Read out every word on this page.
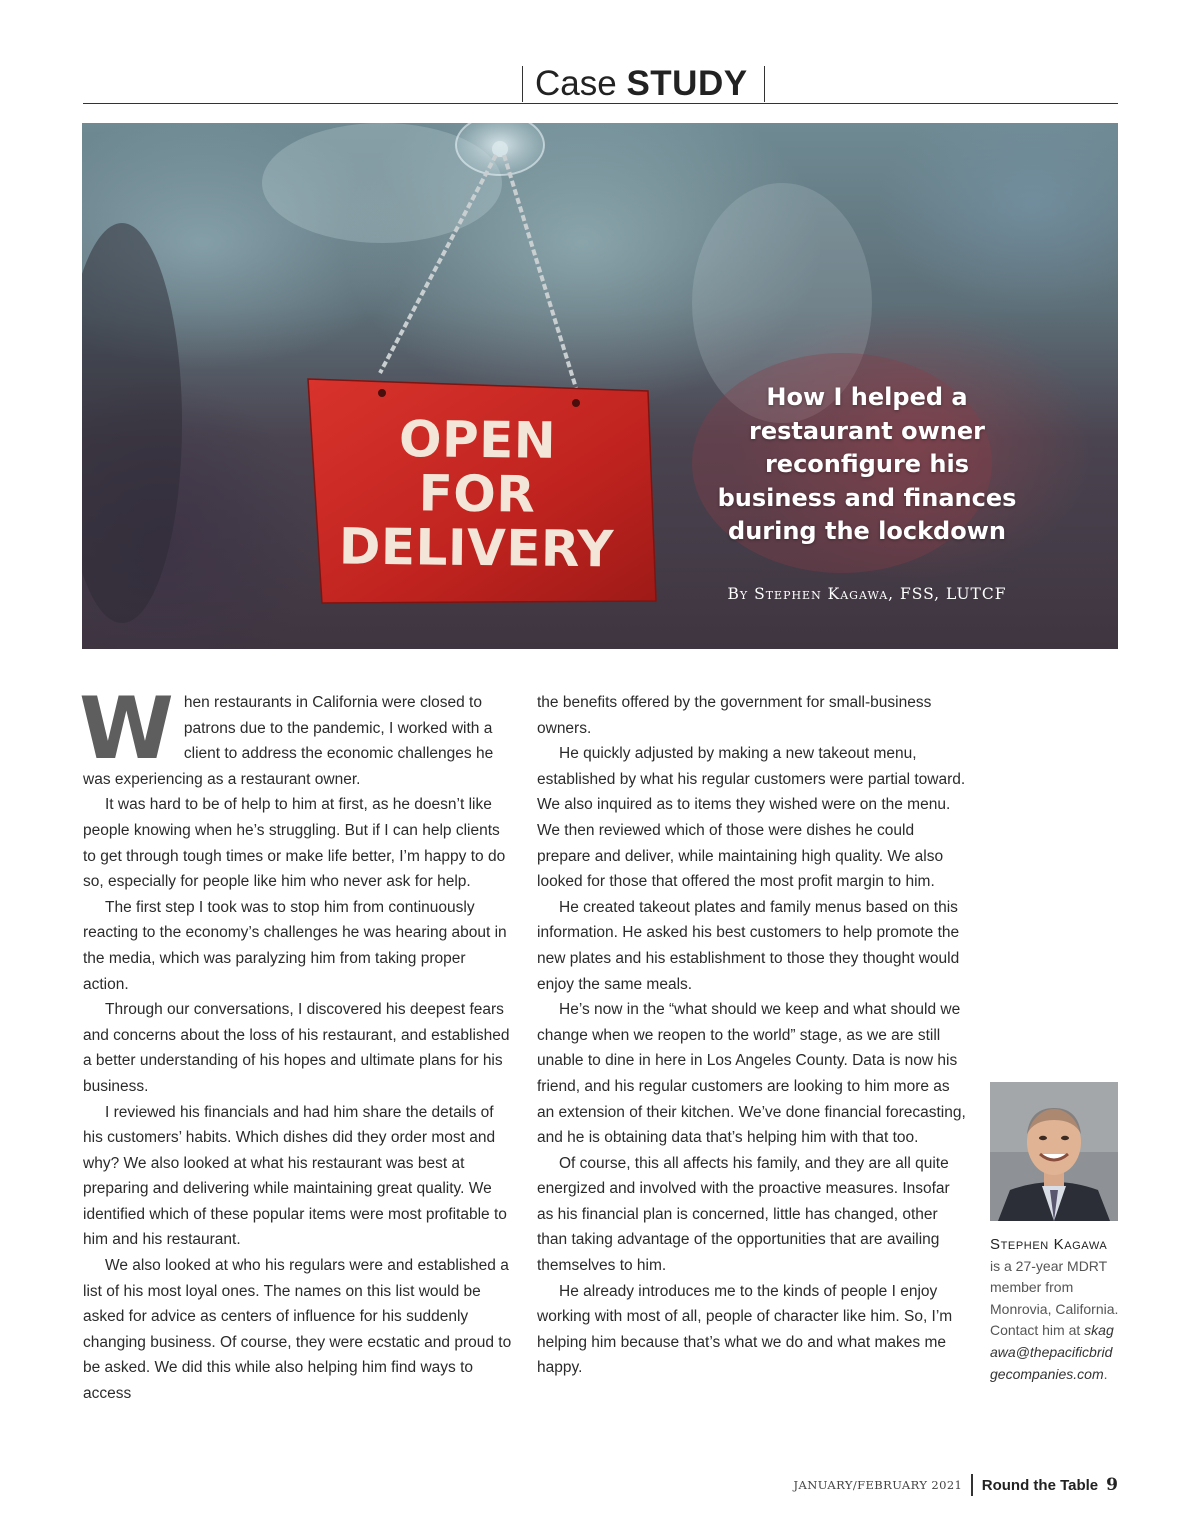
Case STUDY
OPEN
FOR
DELIVERY
How I helped a
restaurant owner
reconfigure his
business and finances
during the lockdown
By Stephen Kagawa, FSS, LUTCF

When restaurants in California were closed to patrons due to the pandemic, I worked with a client to address the economic challenges he was experiencing as a restaurant owner.

It was hard to be of help to him at first, as he doesn’t like people knowing when he’s struggling. But if I can help clients to get through tough times or make life better, I’m happy to do so, especially for people like him who never ask for help.

The first step I took was to stop him from continuously reacting to the economy’s challenges he was hearing about in the media, which was paralyzing him from taking proper action.

Through our conversations, I discovered his deepest fears and concerns about the loss of his restaurant, and established a better understanding of his hopes and ultimate plans for his business.

I reviewed his financials and had him share the details of his customers’ habits. Which dishes did they order most and why? We also looked at what his restaurant was best at preparing and delivering while maintaining great quality. We identified which of these popular items were most profitable to him and his restaurant.

We also looked at who his regulars were and established a list of his most loyal ones. The names on this list would be asked for advice as centers of influence for his suddenly changing business. Of course, they were ecstatic and proud to be asked. We did this while also helping him find ways to access

the benefits offered by the government for small-business owners.

He quickly adjusted by making a new takeout menu, established by what his regular customers were partial toward. We also inquired as to items they wished were on the menu. We then reviewed which of those were dishes he could prepare and deliver, while maintaining high quality. We also looked for those that offered the most profit margin to him.

He created takeout plates and family menus based on this information. He asked his best customers to help promote the new plates and his establishment to those they thought would enjoy the same meals.

He’s now in the “what should we keep and what should we change when we reopen to the world” stage, as we are still unable to dine in here in Los Angeles County. Data is now his friend, and his regular customers are looking to him more as an extension of their kitchen. We’ve done financial forecasting, and he is obtaining data that’s helping him with that too.

Of course, this all affects his family, and they are all quite energized and involved with the proactive measures. Insofar as his financial plan is concerned, little has changed, other than taking advantage of the opportunities that are availing themselves to him.

He already introduces me to the kinds of people I enjoy working with most of all, people of character like him. So, I’m helping him because that’s what we do and what makes me happy.

Stephen Kagawa is a 27-year MDRT member from Monrovia, California. Contact him at skagawa@thepacificbridgecompanies.com.
JANUARY/FEBRUARY 2021	Round the Table 9
